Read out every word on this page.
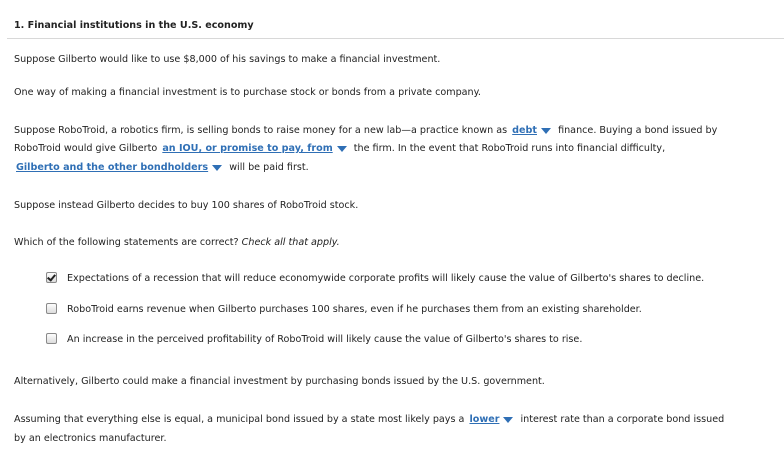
1. Financial institutions in the U.S. economy
Suppose Gilberto would like to use $8,000 of his savings to make a financial investment.
One way of making a financial investment is to purchase stock or bonds from a private company.
Suppose RoboTroid, a robotics firm, is selling bonds to raise money for a new lab—a practice known as debt finance. Buying a bond issued by
RoboTroid would give Gilberto an IOU, or promise to pay, from the firm. In the event that RoboTroid runs into financial difficulty,
Gilberto and the other bondholders will be paid first.
Suppose instead Gilberto decides to buy 100 shares of RoboTroid stock.
Which of the following statements are correct? Check all that apply.
Expectations of a recession that will reduce economywide corporate profits will likely cause the value of Gilberto's shares to decline.
RoboTroid earns revenue when Gilberto purchases 100 shares, even if he purchases them from an existing shareholder.
An increase in the perceived profitability of RoboTroid will likely cause the value of Gilberto's shares to rise.
Alternatively, Gilberto could make a financial investment by purchasing bonds issued by the U.S. government.
Assuming that everything else is equal, a municipal bond issued by a state most likely pays a lower interest rate than a corporate bond issued
by an electronics manufacturer.
